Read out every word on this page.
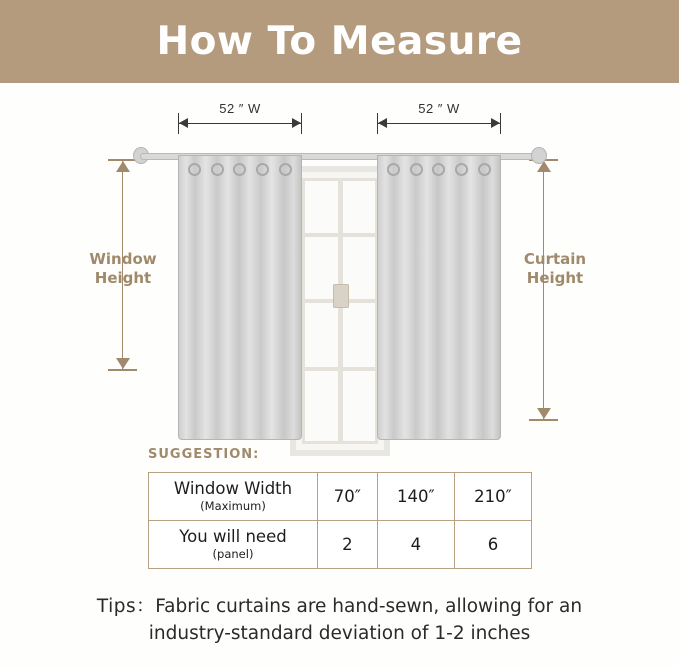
How To Measure
52 ″ W	52 ″ W
Window
Height
Curtain
Height
SUGGESTION:
Window Width
(Maximum)	70″	140″	210″
You will need
(panel)	2	4	6
Tips：Fabric curtains are hand-sewn, allowing for an
industry-standard deviation of 1-2 inches
